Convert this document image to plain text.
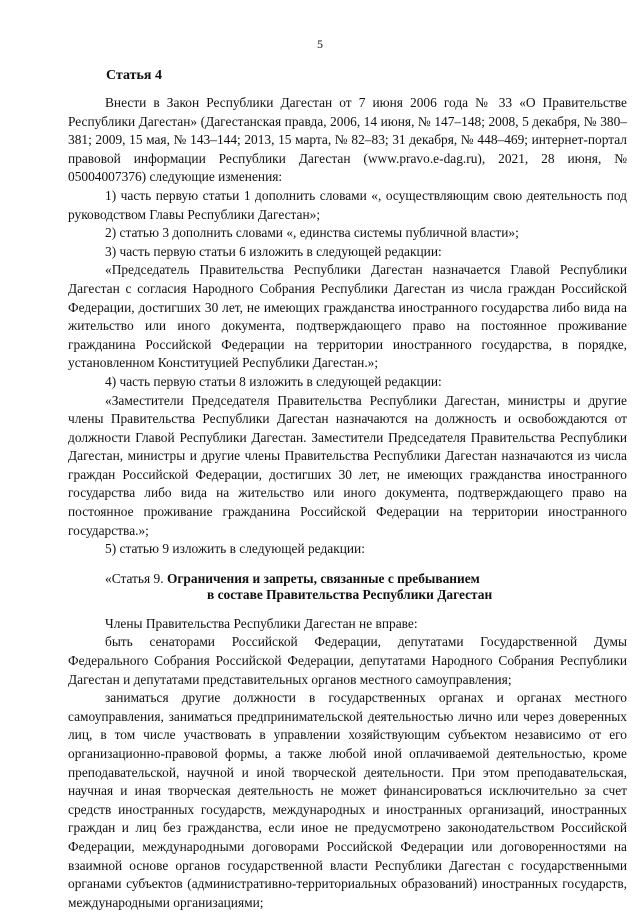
5
Статья 4

Внести в Закон Республики Дагестан от 7 июня 2006 года № 33 «О Правительстве Республики Дагестан» (Дагестанская правда, 2006, 14 июня, № 147–148; 2008, 5 декабря, № 380–381; 2009, 15 мая, № 143–144; 2013, 15 марта, № 82–83; 31 декабря, № 448–469; интернет-портал правовой информации Республики Дагестан (www.pravo.e-dag.ru), 2021, 28 июня, № 05004007376) следующие изменения:

1) часть первую статьи 1 дополнить словами «, осуществляющим свою деятельность под руководством Главы Республики Дагестан»;

2) статью 3 дополнить словами «, единства системы публичной власти»;

3) часть первую статьи 6 изложить в следующей редакции:

«Председатель Правительства Республики Дагестан назначается Главой Республики Дагестан с согласия Народного Собрания Республики Дагестан из числа граждан Российской Федерации, достигших 30 лет, не имеющих гражданства иностранного государства либо вида на жительство или иного документа, подтверждающего право на постоянное проживание гражданина Российской Федерации на территории иностранного государства, в порядке, установленном Конституцией Республики Дагестан.»;

4) часть первую статьи 8 изложить в следующей редакции:

«Заместители Председателя Правительства Республики Дагестан, министры и другие члены Правительства Республики Дагестан назначаются на должность и освобождаются от должности Главой Республики Дагестан. Заместители Председателя Правительства Республики Дагестан, министры и другие члены Правительства Республики Дагестан назначаются из числа граждан Российской Федерации, достигших 30 лет, не имеющих гражданства иностранного государства либо вида на жительство или иного документа, подтверждающего право на постоянное проживание гражданина Российской Федерации на территории иностранного государства.»;

5) статью 9 изложить в следующей редакции:

«Статья 9. Ограничения и запреты, связанные с пребыванием
в составе Правительства Республики Дагестан

Члены Правительства Республики Дагестан не вправе:

быть сенаторами Российской Федерации, депутатами Государственной Думы Федерального Собрания Российской Федерации, депутатами Народного Собрания Республики Дагестан и депутатами представительных органов местного самоуправления;

заниматься другие должности в государственных органах и органах местного самоуправления, заниматься предпринимательской деятельностью лично или через доверенных лиц, в том числе участвовать в управлении хозяйствующим субъектом независимо от его организационно-правовой формы, а также любой иной оплачиваемой деятельностью, кроме преподавательской, научной и иной творческой деятельности. При этом преподавательская, научная и иная творческая деятельность не может финансироваться исключительно за счет средств иностранных государств, международных и иностранных организаций, иностранных граждан и лиц без гражданства, если иное не предусмотрено законодательством Российской Федерации, международными договорами Российской Федерации или договоренностями на взаимной основе органов государственной власти Республики Дагестан с государственными органами субъектов (административно-территориальных образований) иностранных государств, международными организациями;
